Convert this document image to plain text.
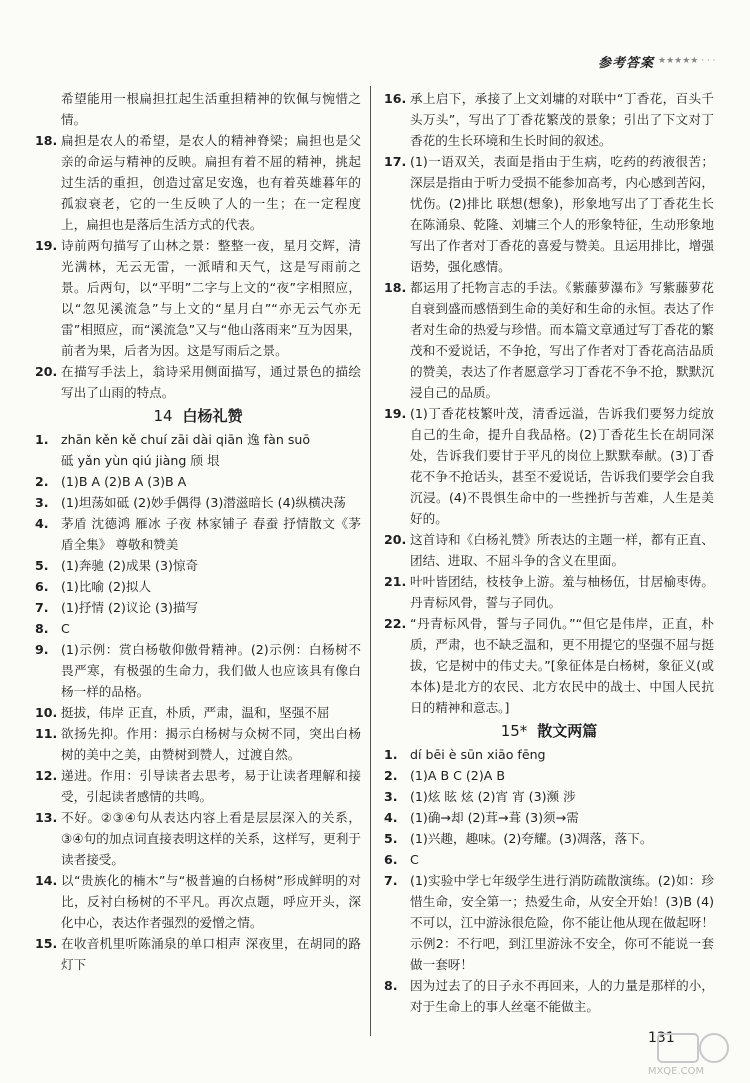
参考答案 ★★★★★ · · ·
希望能用一根扁担扛起生活重担精神的钦佩与惋惜之情。
18. 扁担是农人的希望，是农人的精神脊梁；扁担也是父亲的命运与精神的反映。扁担有着不屈的精神，挑起过生活的重担，创造过富足安逸，也有着英雄暮年的孤寂衰老，它的一生反映了人的一生；在一定程度上，扁担也是落后生活方式的代表。
19. 诗前两句描写了山林之景：整整一夜，星月交辉，清光满林，无云无雷，一派晴和天气，这是写雨前之景。后两句，以“平明”二字与上文的“夜”字相照应，以“忽见溪流急”与上文的“星月白”“亦无云气亦无雷”相照应，而“溪流急”又与“他山落雨来”互为因果，前者为果，后者为因。这是写雨后之景。
20. 在描写手法上，翁诗采用侧面描写，通过景色的描绘写出了山雨的特点。
14 白杨礼赞
1. zhān kěn kě chuí zāi dài qiān 逸 fàn suō
砥 yǎn yùn qiú jiàng 颀 垠
2. (1)B A (2)B A (3)B A
3. (1)坦荡如砥 (2)妙手偶得 (3)潜滋暗长 (4)纵横决荡
4. 茅盾 沈德鸿 雁冰 子夜 林家铺子 春蚕 抒情散文《茅盾全集》 尊敬和赞美
5. (1)奔驰 (2)成果 (3)惊奇
6. (1)比喻 (2)拟人
7. (1)抒情 (2)议论 (3)描写
8. C
9. (1)示例：赏白杨敬仰傲骨精神。(2)示例：白杨树不畏严寒，有极强的生命力，我们做人也应该具有像白杨一样的品格。
10. 挺拔，伟岸 正直，朴质，严肃，温和，坚强不屈
11. 欲扬先抑。作用：揭示白杨树与众树不同，突出白杨树的美中之美，由赞树到赞人，过渡自然。
12. 递进。作用：引导读者去思考，易于让读者理解和接受，引起读者感情的共鸣。
13. 不好。②③④句从表达内容上看是层层深入的关系，③④句的加点词直接表明这样的关系，这样写，更利于读者接受。
14. 以“贵族化的楠木”与“极普遍的白杨树”形成鲜明的对比，反衬白杨树的不平凡。再次点题，呼应开头，深化中心，表达作者强烈的爱憎之情。
15. 在收音机里听陈涌泉的单口相声 深夜里，在胡同的路灯下
16. 承上启下，承接了上文刘墉的对联中“丁香花，百头千头万头”，写出了丁香花繁茂的景象；引出了下文对丁香花的生长环境和生长时间的叙述。
17. (1)一语双关，表面是指由于生病，吃药的药液很苦；深层是指由于听力受损不能参加高考，内心感到苦闷，忧伤。(2)排比 联想(想象)，形象地写出了丁香花生长在陈涌泉、乾隆、刘墉三个人的形象特征，生动形象地写出了作者对丁香花的喜爱与赞美。且运用排比，增强语势，强化感情。
18. 都运用了托物言志的手法。《紫藤萝瀑布》写紫藤萝花自衰到盛而感悟到生命的美好和生命的永恒。表达了作者对生命的热爱与珍惜。而本篇文章通过写丁香花的繁茂和不爱说话，不争抢，写出了作者对丁香花高洁品质的赞美，表达了作者愿意学习丁香花不争不抢，默默沉浸自己的品质。
19. (1)丁香花枝繁叶茂，清香远溢，告诉我们要努力绽放自己的生命，提升自我品格。(2)丁香花生长在胡同深处，告诉我们要甘于平凡的岗位上默默奉献。(3)丁香花不争不抢话头，甚至不爱说话，告诉我们要学会自我沉浸。(4)不畏惧生命中的一些挫折与苦难，人生是美好的。
20. 这首诗和《白杨礼赞》所表达的主题一样，都有正直、团结、进取、不屈斗争的含义在里面。
21. 叶叶皆团结，枝枝争上游。羞与柚杨伍，甘居榆枣俦。丹青标风骨，誓与子同仇。
22. “丹青标风骨，誓与子同仇。”“但它是伟岸，正直，朴质，严肃，也不缺乏温和，更不用提它的坚强不屈与挺拔，它是树中的伟丈夫。”[象征体是白杨树，象征义(或本体)是北方的农民、北方农民中的战士、中国人民抗日的精神和意志。]
15* 散文两篇
1. dí bēi è sūn xiāo fēng
2. (1)A B C (2)A B
3. (1)炫 眩 炫 (2)宵 宵 (3)濒 涉
4. (1)确→却 (2)茸→葺 (3)须→需
5. (1)兴趣，趣味。(2)夸耀。(3)凋落，落下。
6. C
7. (1)实验中学七年级学生进行消防疏散演练。(2)如：珍惜生命，安全第一；热爱生命，从安全开始！(3)B (4)不可以，江中游泳很危险，你不能让他从现在做起呀！示例2：不行吧，到江里游泳不安全，你可不能说一套做一套呀！
8. 因为过去了的日子永不再回来，人的力量是那样的小，对于生命上的事人丝毫不能做主。
131
MXQE.COM
